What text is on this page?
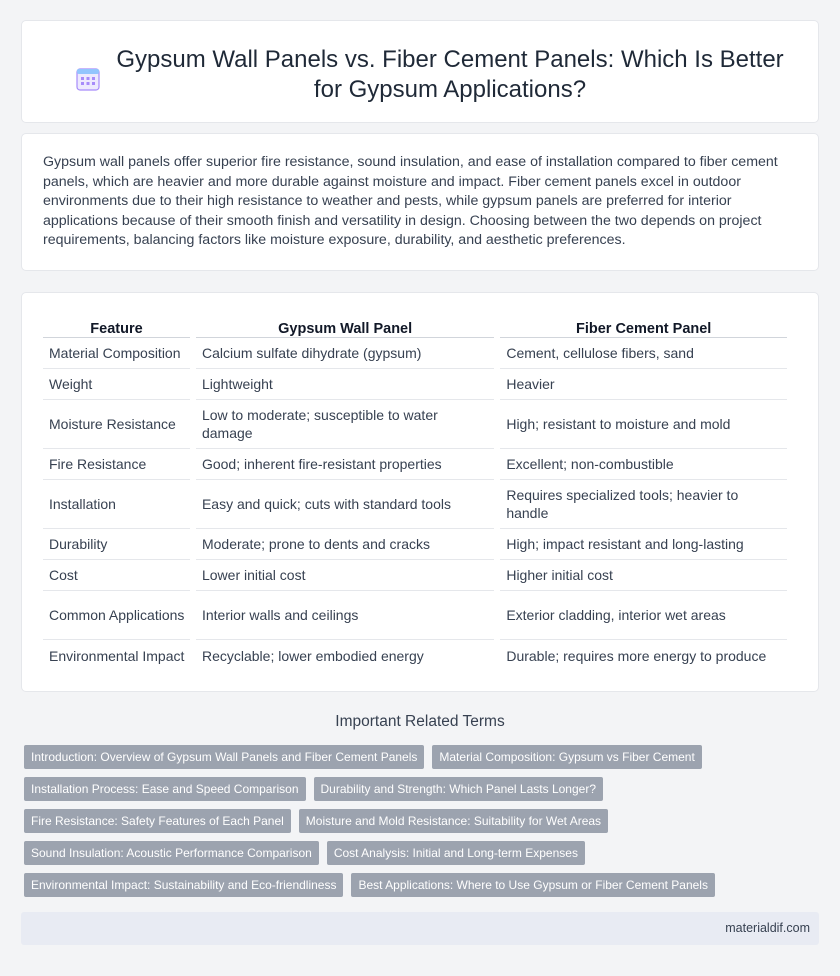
Gypsum Wall Panels vs. Fiber Cement Panels: Which Is Better for Gypsum Applications?

Gypsum wall panels offer superior fire resistance, sound insulation, and ease of installation compared to fiber cement panels, which are heavier and more durable against moisture and impact. Fiber cement panels excel in outdoor environments due to their high resistance to weather and pests, while gypsum panels are preferred for interior applications because of their smooth finish and versatility in design. Choosing between the two depends on project requirements, balancing factors like moisture exposure, durability, and aesthetic preferences.

Feature	Gypsum Wall Panel	Fiber Cement Panel
Material Composition	Calcium sulfate dihydrate (gypsum)	Cement, cellulose fibers, sand
Weight	Lightweight	Heavier
Moisture Resistance	Low to moderate; susceptible to water damage	High; resistant to moisture and mold
Fire Resistance	Good; inherent fire-resistant properties	Excellent; non-combustible
Installation	Easy and quick; cuts with standard tools	Requires specialized tools; heavier to handle
Durability	Moderate; prone to dents and cracks	High; impact resistant and long-lasting
Cost	Lower initial cost	Higher initial cost
Common Applications	Interior walls and ceilings	Exterior cladding, interior wet areas
Environmental Impact	Recyclable; lower embodied energy	Durable; requires more energy to produce
Important Related Terms
Introduction: Overview of Gypsum Wall Panels and Fiber Cement Panels	Material Composition: Gypsum vs Fiber Cement
Installation Process: Ease and Speed Comparison	Durability and Strength: Which Panel Lasts Longer?
Fire Resistance: Safety Features of Each Panel	Moisture and Mold Resistance: Suitability for Wet Areas
Sound Insulation: Acoustic Performance Comparison	Cost Analysis: Initial and Long-term Expenses
Environmental Impact: Sustainability and Eco-friendliness	Best Applications: Where to Use Gypsum or Fiber Cement Panels
materialdif.com
